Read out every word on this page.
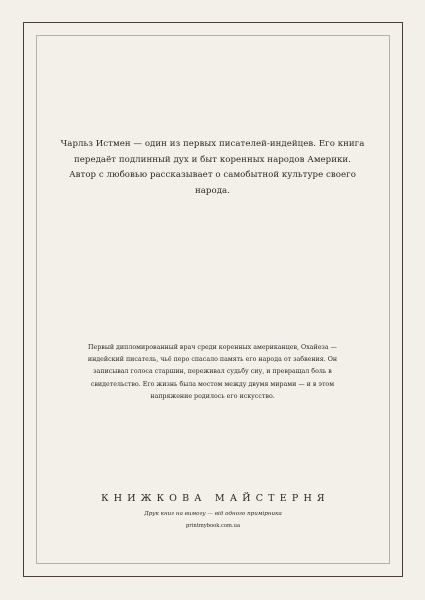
Чарльз Истмен — один из первых писателей-индейцев. Его книга передаёт подлинный дух и быт коренных народов Америки. Автор с любовью рассказывает о самобытной культуре своего народа.

Первый дипломированный врач среди коренных американцев, Охайеза — индейский писатель, чьё перо спасало память его народа от забвения. Он записывал голоса старшин, переживал судьбу сиу, и превращал боль в свидетельство. Его жизнь была мостом между двумя мирами — и в этом напряжение родилось его искусство.

КНИЖКОВА МАЙСТЕРНЯ

Друк книг на вимогу — від одного примірника

printmybook.com.ua
